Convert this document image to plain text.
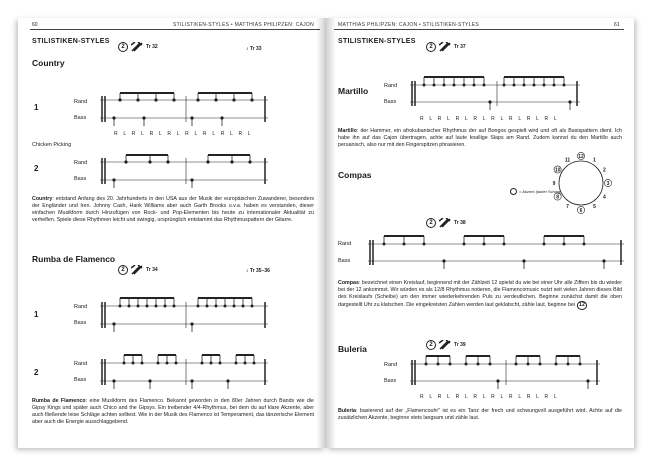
60	STILISTIKEN-STYLES • MATTHIAS PHILIPZEN: CAJON
STILISTIKEN-STYLES
Country
2	Tr 32	♪ Tr 33
1
Rand
Bass
R L R L R L R L R L R L R L R L
Chicken Picking
2
Rand
Bass
Country: entstand Anfang des 20. Jahrhunderts in den USA aus der Musik der europäischen Zuwanderer, besonders der Engländer und Iren. Johnny Cash, Hank Williams aber auch Garth Brooks u.v.a. haben es verstanden, dieser einfachen Musikform durch Hinzufügen von Rock- und Pop-Elementen bis heute zu internationaler Aktualität zu verhelfen. Spiele diese Rhythmen leicht und swingig, ursprünglich entstammt das Rhythmuspattern der Gitarre.
Rumba de Flamenco
2	Tr 34	♪ Tr 35–36
1
Rand
Bass
2
Rand
Bass
Rumba de Flamenco: eine Musikform des Flamenco. Bekannt geworden in den 80er Jahren durch Bands wie die Gipsy Kings und später auch Chico and the Gipsys. Ein treibender 4/4-Rhythmus, bei dem du auf klare Akzente, aber auch fließende leise Schläge achten solltest. Wie in der Musik des Flamenco ist Temperament, das tänzerische Element aber auch die Energie ausschlaggebend.
MATTHIAS PHILIPZEN: CAJON • STILISTIKEN-STYLES	61
STILISTIKEN-STYLES
2	Tr 37
Martillo	Rand
Bass
R L R L R L R L R L R L R L R L
Martillo: der Hammer, ein afrokubanischer Rhythmus der auf Bongos gespielt wird und oft als Basispattern dient. Ich habe ihn auf das Cajon übertragen, achte auf laute knallige Slaps am Rand. Zudem kannst du den Martillo auch peruanisch, also nur mit den Fingerspitzen phrasieren.
Compas
= Akzent (lauter Schlag)
12
1
2
3
4
5
6
7
8
9
10
11
2	Tr 38
Rand
Bass
Compas: bezeichnet einen Kreislauf, beginnend mit der Zählzeit 12 spielst du wie bei einer Uhr alle Ziffern bis du wieder bei der 12 ankommst. Wir würden es als 12/8 Rhythmus notieren, die Flamencomusic nutzt seit vielen Jahren dieses Bild des Kreislaufs (Scheibe) um den immer wiederkehrenden Puls zu verdeutlichen. Beginne zunächst damit die oben dargestellt Uhr zu klatschen. Die eingekreisten Zahlen werden laut geklatscht, zähle laut, beginne bei 12
Buleria	2	Tr 39
Rand
Bass
R L R L R L R L R L R L R L R L
Buleria: basierend auf der „Flamencouhr" ist es ein Tanz der frech und schwungvoll ausgeführt wird. Achte auf die zusätzlichen Akzente, beginne stets langsam und zähle laut.
